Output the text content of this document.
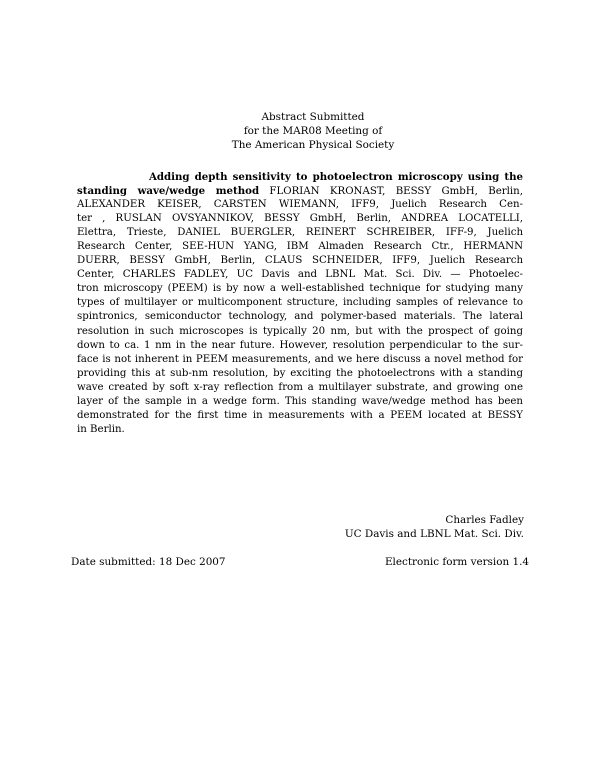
Abstract Submitted
for the MAR08 Meeting of
The American Physical Society
Adding depth sensitivity to photoelectron microscopy using the
standing wave/wedge method FLORIAN KRONAST, BESSY GmbH, Berlin,
ALEXANDER KEISER, CARSTEN WIEMANN, IFF9, Juelich Research Cen-
ter , RUSLAN OVSYANNIKOV, BESSY GmbH, Berlin, ANDREA LOCATELLI,
Elettra, Trieste, DANIEL BUERGLER, REINERT SCHREIBER, IFF-9, Juelich
Research Center, SEE-HUN YANG, IBM Almaden Research Ctr., HERMANN
DUERR, BESSY GmbH, Berlin, CLAUS SCHNEIDER, IFF9, Juelich Research
Center, CHARLES FADLEY, UC Davis and LBNL Mat. Sci. Div. — Photoelec-
tron microscopy (PEEM) is by now a well-established technique for studying many
types of multilayer or multicomponent structure, including samples of relevance to
spintronics, semiconductor technology, and polymer-based materials. The lateral
resolution in such microscopes is typically 20 nm, but with the prospect of going
down to ca. 1 nm in the near future. However, resolution perpendicular to the sur-
face is not inherent in PEEM measurements, and we here discuss a novel method for
providing this at sub-nm resolution, by exciting the photoelectrons with a standing
wave created by soft x-ray reflection from a multilayer substrate, and growing one
layer of the sample in a wedge form. This standing wave/wedge method has been
demonstrated for the first time in measurements with a PEEM located at BESSY
in Berlin.
Charles Fadley
UC Davis and LBNL Mat. Sci. Div.
Date submitted: 18 Dec 2007	Electronic form version 1.4
